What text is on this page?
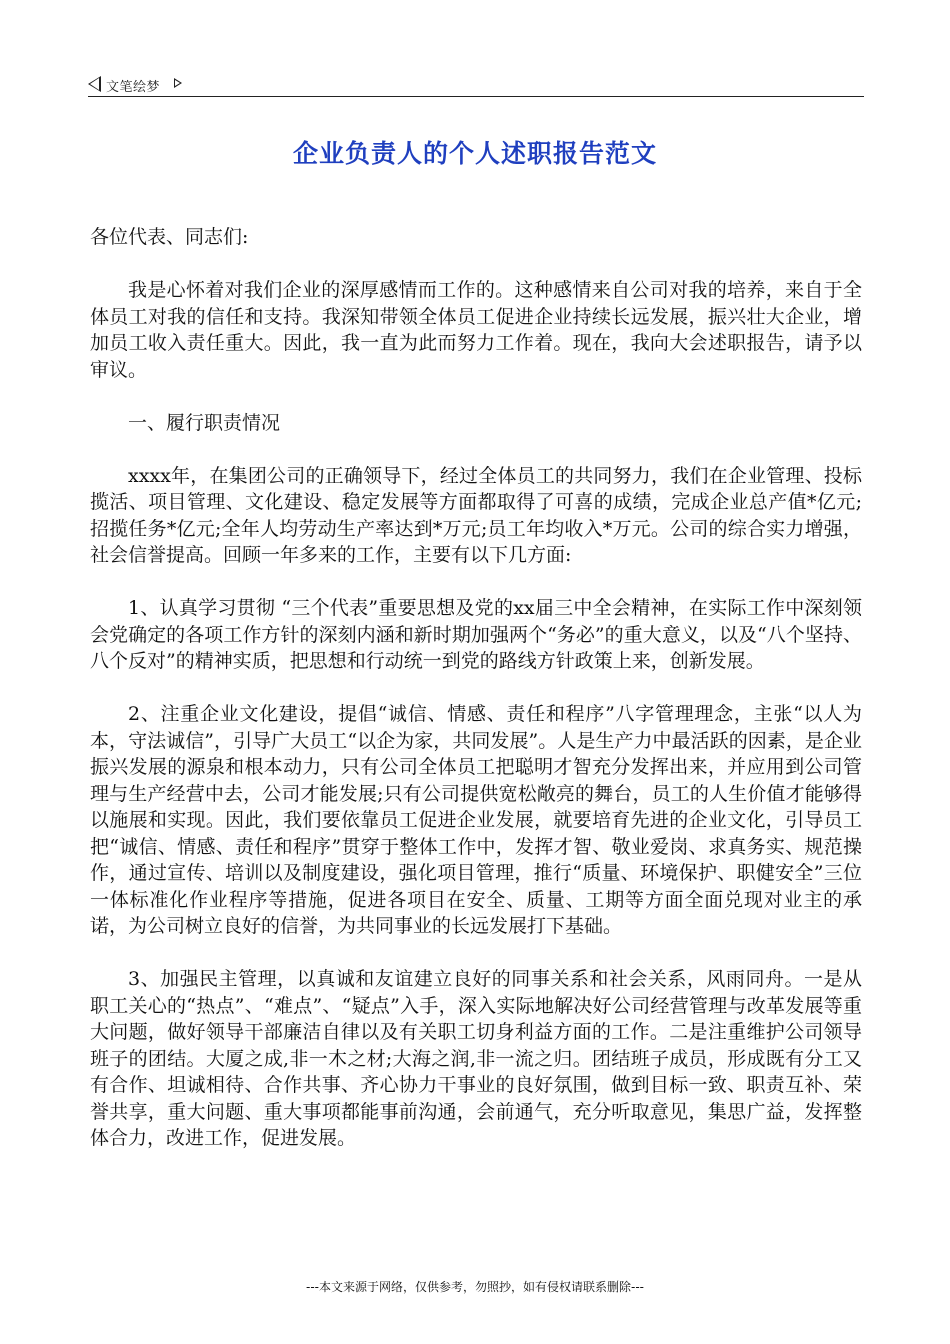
文笔绘梦
企业负责人的个人述职报告范文

各位代表、同志们:

我是心怀着对我们企业的深厚感情而工作的。这种感情来自公司对我的培养，来自于全体员工对我的信任和支持。我深知带领全体员工促进企业持续长远发展，振兴壮大企业，增加员工收入责任重大。因此，我一直为此而努力工作着。现在，我向大会述职报告，请予以审议。

一、履行职责情况

xxxx年，在集团公司的正确领导下，经过全体员工的共同努力，我们在企业管理、投标揽活、项目管理、文化建设、稳定发展等方面都取得了可喜的成绩，完成企业总产值*亿元;招揽任务*亿元;全年人均劳动生产率达到*万元;员工年均收入*万元。公司的综合实力增强，社会信誉提高。回顾一年多来的工作，主要有以下几方面:

1、认真学习贯彻 “三个代表”重要思想及党的xx届三中全会精神，在实际工作中深刻领会党确定的各项工作方针的深刻内涵和新时期加强两个“务必”的重大意义，以及“八个坚持、八个反对”的精神实质，把思想和行动统一到党的路线方针政策上来，创新发展。

2、注重企业文化建设，提倡“诚信、情感、责任和程序”八字管理理念，主张“以人为本，守法诚信”，引导广大员工“以企为家，共同发展”。人是生产力中最活跃的因素，是企业振兴发展的源泉和根本动力，只有公司全体员工把聪明才智充分发挥出来，并应用到公司管理与生产经营中去，公司才能发展;只有公司提供宽松敞亮的舞台，员工的人生价值才能够得以施展和实现。因此，我们要依靠员工促进企业发展，就要培育先进的企业文化，引导员工把“诚信、情感、责任和程序”贯穿于整体工作中，发挥才智、敬业爱岗、求真务实、规范操作，通过宣传、培训以及制度建设，强化项目管理，推行“质量、环境保护、职健安全”三位一体标准化作业程序等措施，促进各项目在安全、质量、工期等方面全面兑现对业主的承诺，为公司树立良好的信誉，为共同事业的长远发展打下基础。

3、加强民主管理，以真诚和友谊建立良好的同事关系和社会关系，风雨同舟。一是从职工关心的“热点”、“难点”、“疑点”入手，深入实际地解决好公司经营管理与改革发展等重大问题，做好领导干部廉洁自律以及有关职工切身利益方面的工作。二是注重维护公司领导班子的团结。大厦之成,非一木之材;大海之润,非一流之归。团结班子成员，形成既有分工又有合作、坦诚相待、合作共事、齐心协力干事业的良好氛围，做到目标一致、职责互补、荣誉共享，重大问题、重大事项都能事前沟通，会前通气，充分听取意见，集思广益，发挥整体合力，改进工作，促进发展。

---本文来源于网络，仅供参考，勿照抄，如有侵权请联系删除---
